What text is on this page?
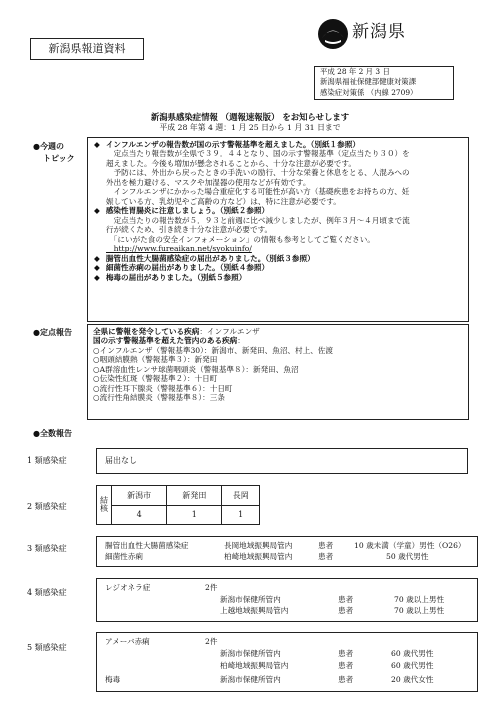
新潟県報道資料
新潟県
平成 28 年 2 月 3 日
新潟県福祉保健部健康対策課
感染症対策係 （内線 2709）
新潟県感染症情報 （週報速報版） をお知らせします
平成 28 年第 4 週：1 月 25 日から 1 月 31 日まで
●今週の
トピック
◆ インフルエンザの報告数が国の示す警報基準を超えました。（別紙１参照）
　定点当たり報告数が全県で３９．４４となり、国の示す警報基準（定点当たり３０）を
超えました。今後も増加が懸念されることから、十分な注意が必要です。
　予防には、外出から戻ったときの手洗いの励行、十分な栄養と休息をとる、人混みへの
外出を極力避ける、マスクや加湿器の使用などが有効です。
　インフルエンザにかかった場合重症化する可能性が高い方（基礎疾患をお持ちの方、妊
娠している方、乳幼児やご高齢の方など）は、特に注意が必要です。
◆ 感染性胃腸炎に注意しましょう。（別紙２参照）
　定点当たりの報告数が５．９３と前週に比べ減少しましたが、例年３月～４月頃まで流
行が続くため、引き続き十分な注意が必要です。
　「にいがた食の安全インフォメーション」の情報も参考としてご覧ください。
　http://www.fureaikan.net/syokuinfo/
◆ 腸管出血性大腸菌感染症の届出がありました。（別紙３参照）
◆ 細菌性赤痢の届出がありました。（別紙４参照）
◆ 梅毒の届出がありました。（別紙５参照）
●定点報告	全県に警報を発令している疾病：インフルエンザ
国の示す警報基準を超えた管内のある疾病：
○インフルエンザ（警報基準30）：新潟市、新発田、魚沼、村上、佐渡
○咽頭結膜熱（警報基準３）：新発田
○A群溶血性レンサ球菌咽頭炎（警報基準８）：新発田、魚沼
○伝染性紅斑（警報基準２）：十日町
○流行性耳下腺炎（警報基準６）：十日町
○流行性角結膜炎（警報基準８）：三条
●全数報告
1 類感染症	届出なし
2 類感染症
結核	新潟市	新発田	長岡
	4	1	1
3 類感染症	腸管出血性大腸菌感染症	長岡地域振興局管内	患者	10 歳未満（学童）男性（O26）
細菌性赤痢	柏崎地域振興局管内	患者	50 歳代男性
4 類感染症
レジオネラ症	2件
新潟市保健所管内	患者	70 歳以上男性
上越地域振興局管内	患者	70 歳以上男性
5 類感染症
アメーバ赤痢	2件
新潟市保健所管内	患者	60 歳代男性
柏崎地域振興局管内	患者	60 歳代男性
梅毒	新潟市保健所管内	患者	20 歳代女性
